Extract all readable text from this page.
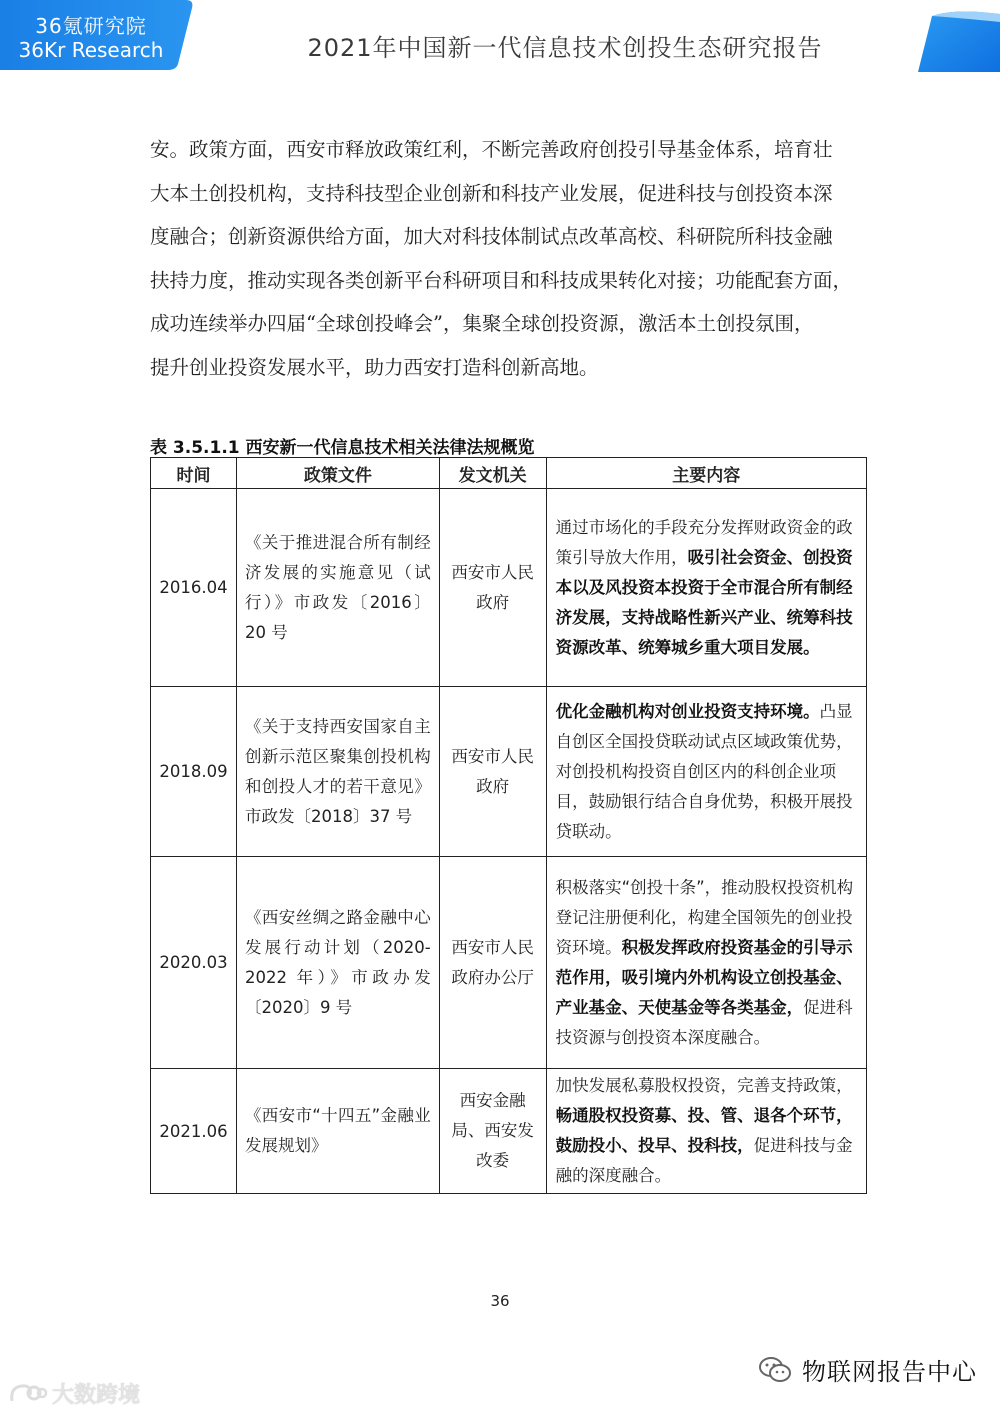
36氪研究院
36Kr Research	2021年中国新一代信息技术创投生态研究报告

安。政策方面，西安市释放政策红利，不断完善政府创投引导基金体系，培育壮

大本土创投机构，支持科技型企业创新和科技产业发展，促进科技与创投资本深

度融合；创新资源供给方面，加大对科技体制试点改革高校、科研院所科技金融

扶持力度，推动实现各类创新平台科研项目和科技成果转化对接；功能配套方面，

成功连续举办四届“全球创投峰会”，集聚全球创投资源，激活本土创投氛围，

提升创业投资发展水平，助力西安打造科创新高地。

表 3.5.1.1 西安新一代信息技术相关法律法规概览
时间	政策文件	发文机关	主要内容
2016.04	《关于推进混合所有制经济发展的实施意见（试行）》市政发〔2016〕20 号	西安市人民政府	通过市场化的手段充分发挥财政资金的政策引导放大作用，吸引社会资金、创投资本以及风投资本投资于全市混合所有制经济发展，支持战略性新兴产业、统筹科技资源改革、统筹城乡重大项目发展。
2018.09	《关于支持西安国家自主创新示范区聚集创投机构和创投人才的若干意见》市政发〔2018〕37 号	西安市人民政府	优化金融机构对创业投资支持环境。凸显自创区全国投贷联动试点区域政策优势，对创投机构投资自创区内的科创企业项目，鼓励银行结合自身优势，积极开展投贷联动。
2020.03	《西安丝绸之路金融中心发展行动计划（2020-2022 年）》市政办发〔2020〕9 号	西安市人民政府办公厅	积极落实“创投十条”，推动股权投资机构登记注册便利化，构建全国领先的创业投资环境。积极发挥政府投资基金的引导示范作用，吸引境内外机构设立创投基金、产业基金、天使基金等各类基金，促进科技资源与创投资本深度融合。
2021.06	《西安市“十四五”金融业发展规划》	西安金融局、西安发改委	加快发展私募股权投资，完善支持政策，畅通股权投资募、投、管、退各个环节，鼓励投小、投早、投科技，促进科技与金融的深度融合。
36
物联网报告中心
大数跨境
